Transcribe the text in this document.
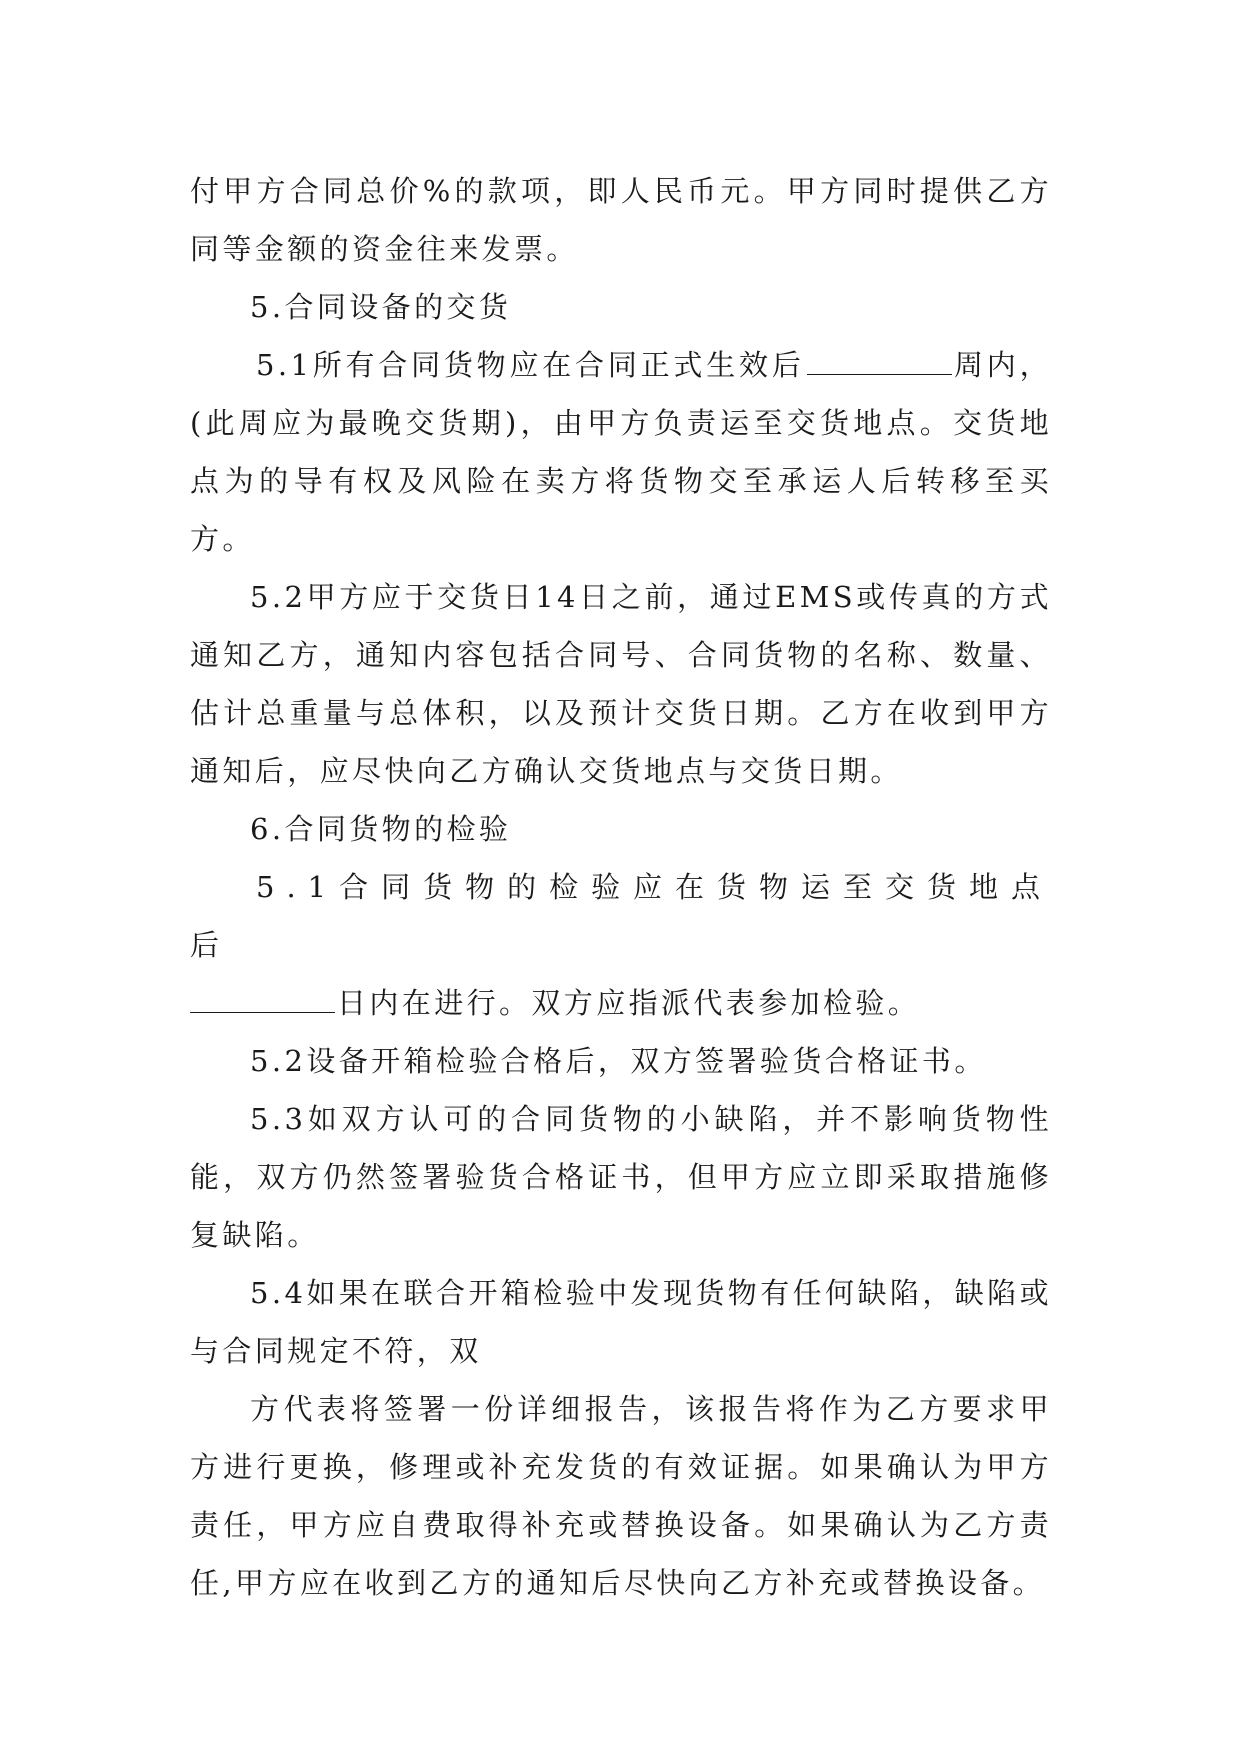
付甲方合同总价%的款项，即人民币元。甲方同时提供乙方同等金额的资金往来发票。

5.合同设备的交货

5.1所有合同货物应在合同正式生效后	周内，(此周应为最晚交货期)，由甲方负责运至交货地点。交货地点为的导有权及风险在卖方将货物交至承运人后转移至买方。

5.2甲方应于交货日14日之前，通过EMS或传真的方式通知乙方，通知内容包括合同号、合同货物的名称、数量、估计总重量与总体积，以及预计交货日期。乙方在收到甲方通知后，应尽快向乙方确认交货地点与交货日期。

6.合同货物的检验

5.1合同货物的检验应在货物运至交货地点后

日内在进行。双方应指派代表参加检验。

5.2设备开箱检验合格后，双方签署验货合格证书。

5.3如双方认可的合同货物的小缺陷，并不影响货物性能，双方仍然签署验货合格证书，但甲方应立即采取措施修复缺陷。

5.4如果在联合开箱检验中发现货物有任何缺陷，缺陷或与合同规定不符，双

方代表将签署一份详细报告，该报告将作为乙方要求甲方进行更换，修理或补充发货的有效证据。如果确认为甲方责任，甲方应自费取得补充或替换设备。如果确认为乙方责任,甲方应在收到乙方的通知后尽快向乙方补充或替换设备。
